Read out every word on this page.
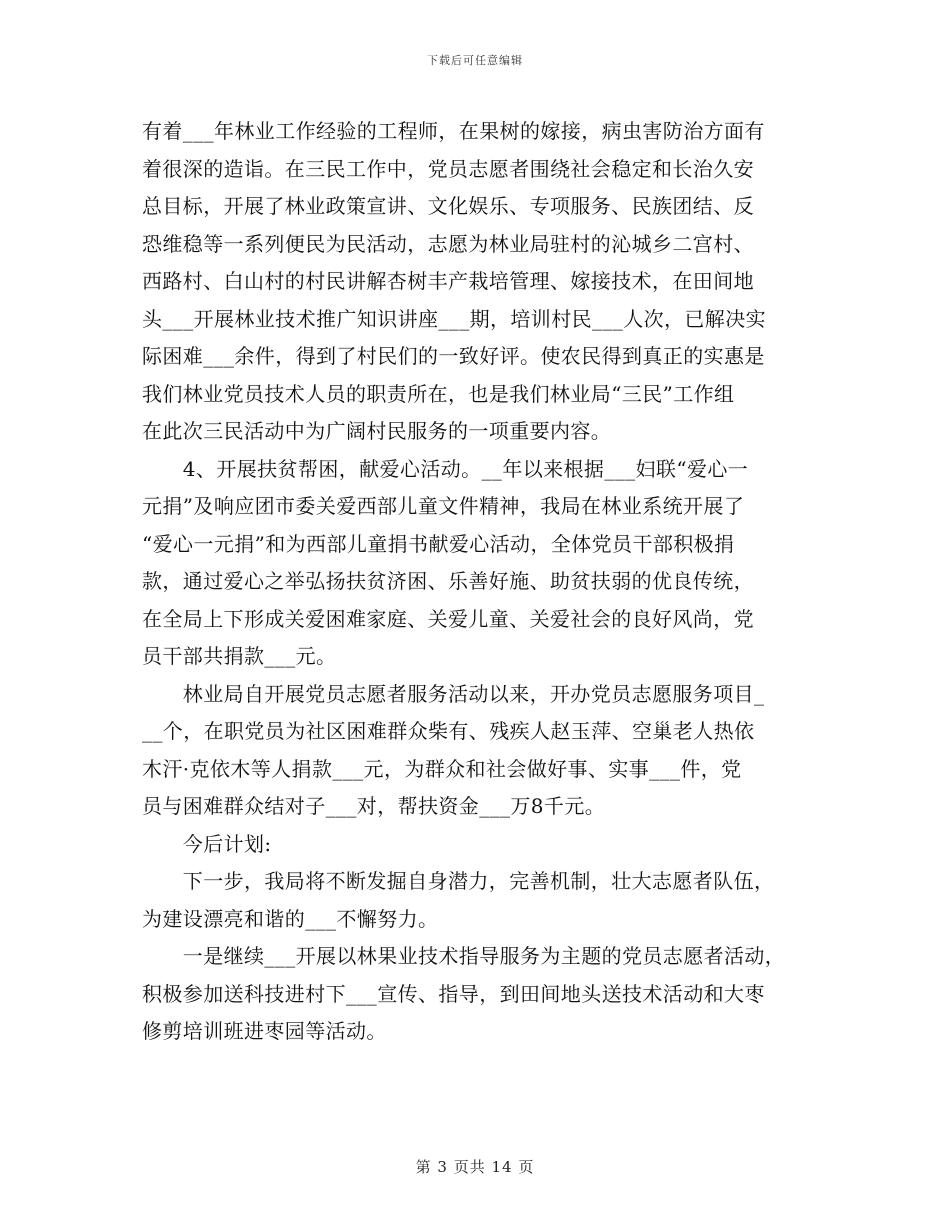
下载后可任意编辑
有着___年林业工作经验的工程师，在果树的嫁接，病虫害防治方面有
着很深的造诣。在三民工作中，党员志愿者围绕社会稳定和长治久安
总目标，开展了林业政策宣讲、文化娱乐、专项服务、民族团结、反
恐维稳等一系列便民为民活动，志愿为林业局驻村的沁城乡二宫村、
西路村、白山村的村民讲解杏树丰产栽培管理、嫁接技术，在田间地
头___开展林业技术推广知识讲座___期，培训村民___人次，已解决实
际困难___余件，得到了村民们的一致好评。使农民得到真正的实惠是
我们林业党员技术人员的职责所在，也是我们林业局“三民”工作组
在此次三民活动中为广阔村民服务的一项重要内容。
　　4、开展扶贫帮困，献爱心活动。__年以来根据___妇联“爱心一
元捐”及响应团市委关爱西部儿童文件精神，我局在林业系统开展了
“爱心一元捐”和为西部儿童捐书献爱心活动，全体党员干部积极捐
款，通过爱心之举弘扬扶贫济困、乐善好施、助贫扶弱的优良传统，
在全局上下形成关爱困难家庭、关爱儿童、关爱社会的良好风尚，党
员干部共捐款___元。
　　林业局自开展党员志愿者服务活动以来，开办党员志愿服务项目_
__个，在职党员为社区困难群众柴有、残疾人赵玉萍、空巢老人热依
木汗·克依木等人捐款___元，为群众和社会做好事、实事___件，党
员与困难群众结对子___对，帮扶资金___万8千元。
　　今后计划:
　　下一步，我局将不断发掘自身潜力，完善机制，壮大志愿者队伍，
为建设漂亮和谐的___不懈努力。
　　一是继续___开展以林果业技术指导服务为主题的党员志愿者活动，
积极参加送科技进村下___宣传、指导，到田间地头送技术活动和大枣
修剪培训班进枣园等活动。
第 3 页共 14 页
